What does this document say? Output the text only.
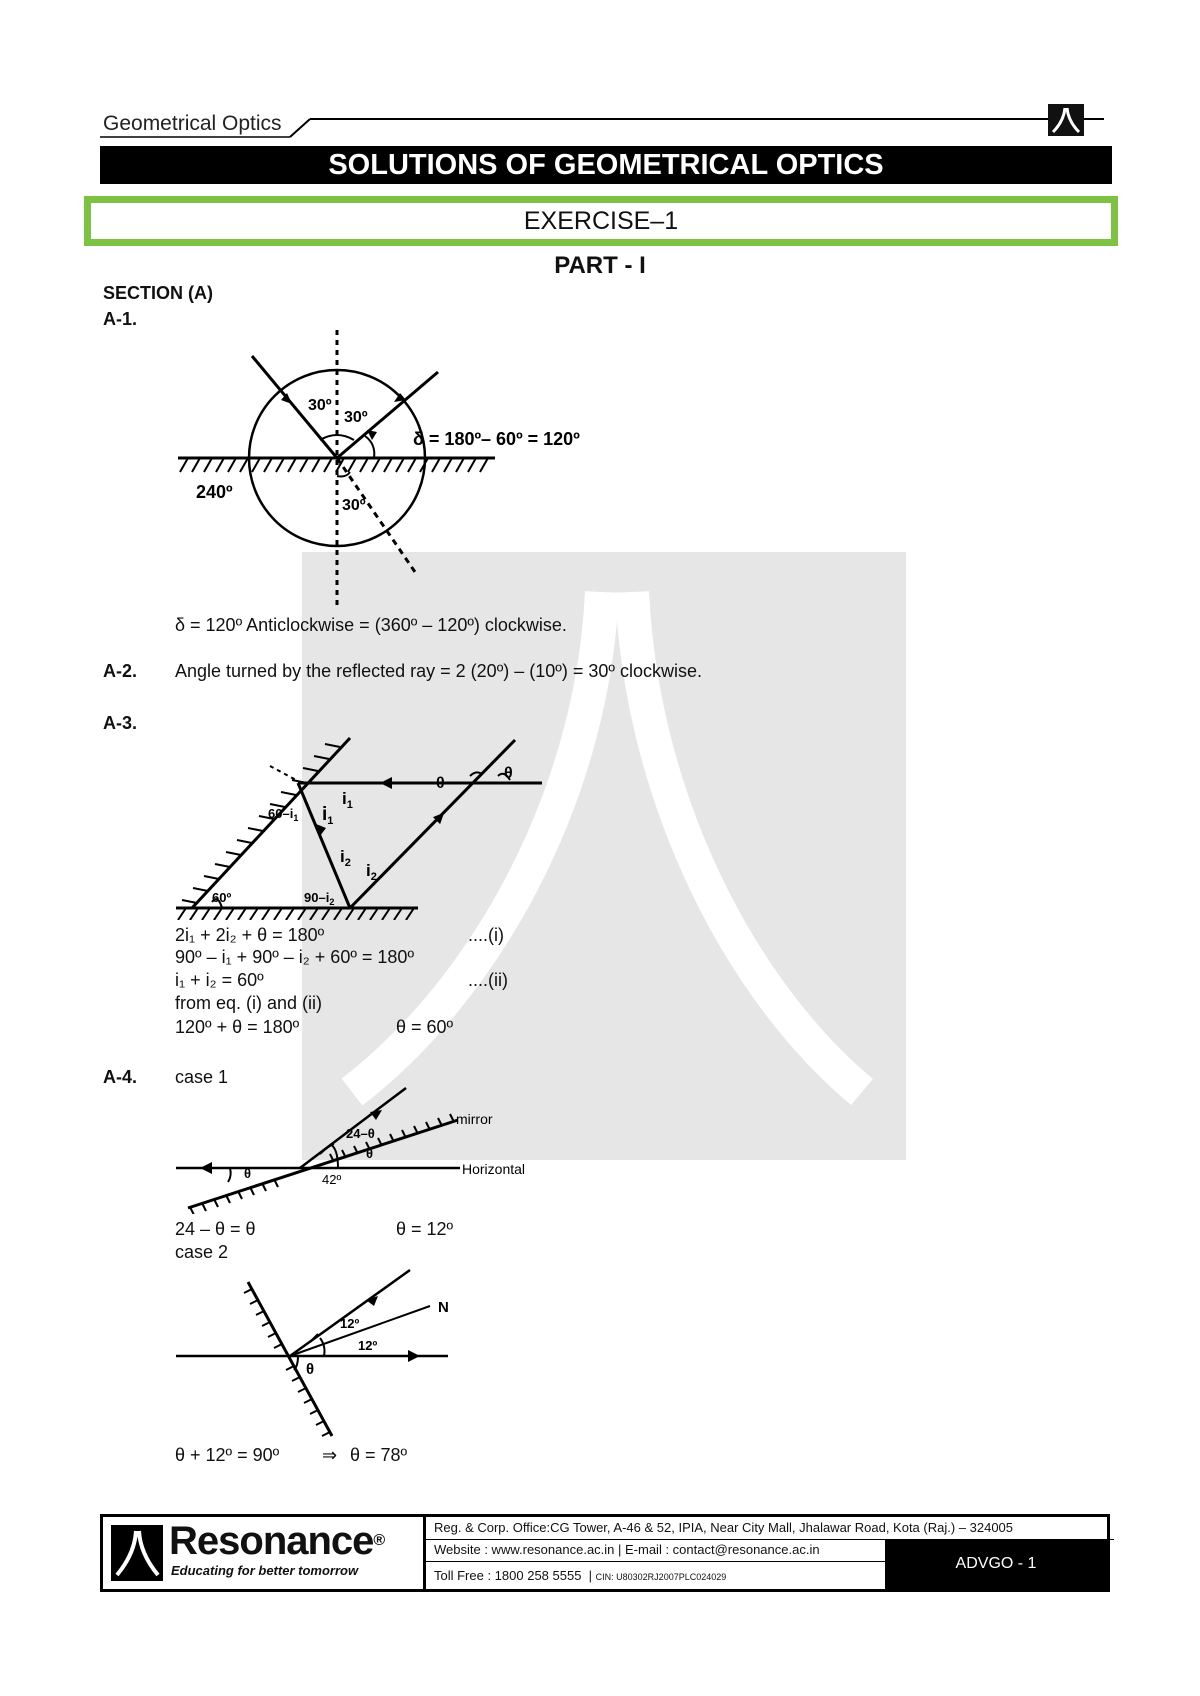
Geometrical Optics
SOLUTIONS OF GEOMETRICAL OPTICS
EXERCISE–1
PART - I
SECTION (A)
A-1.
30º
30º
30º
240º
δ = 180º– 60º = 120º
δ = 120º Anticlockwise = (360º – 120º) clockwise.
A-2. Angle turned by the reflected ray = 2 (20º) – (10º) = 30º clockwise.
A-3.
θ
θ
$i_1$
$i_1$
$60-i_1$
$i_2$ $i_2$
$90-i_2$
60º
2i₁ + 2i₂ + θ = 180º	....(i)
90º – i₁ + 90º – i₂ + 60º = 180º
i₁ + i₂ = 60º	....(ii)
from eq. (i) and (ii)
120º + θ = 180º	θ = 60º
A-4. case 1
mirror
Horizontal
24–θ
θ
θ	42º
24 – θ = θ	θ = 12º
case 2
N
12º
12º
θ
θ + 12º = 90º ⇒ θ = 78º
Resonance®
Educating for better tomorrow
Reg. & Corp. Office:CG Tower, A-46 & 52, IPIA, Near City Mall, Jhalawar Road, Kota (Raj.) – 324005
Website : www.resonance.ac.in | E-mail : contact@resonance.ac.in
Toll Free : 1800 258 5555  | CIN: U80302RJ2007PLC024029
ADVGO - 1
